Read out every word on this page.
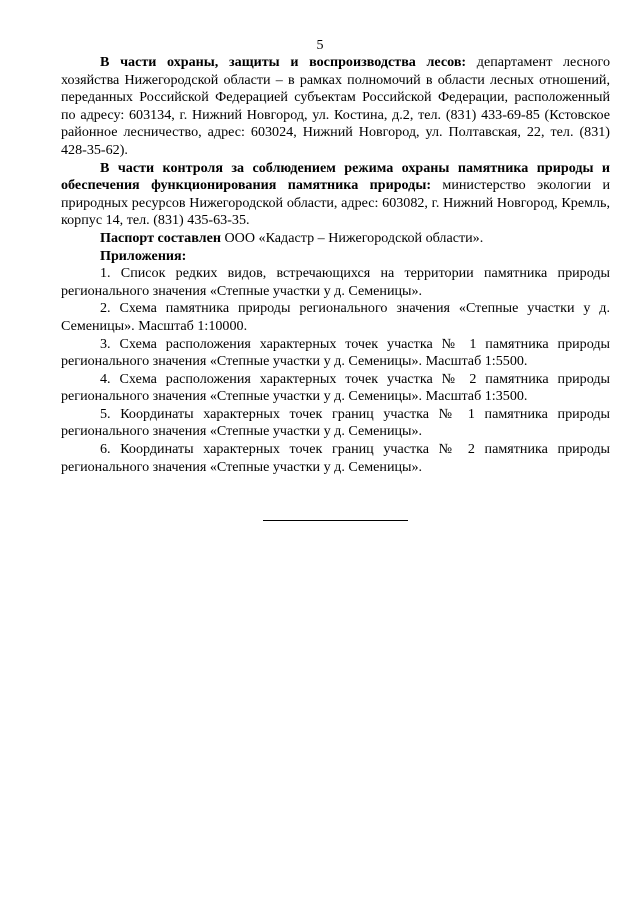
5

В части охраны, защиты и воспроизводства лесов: департамент лесного хозяйства Нижегородской области – в рамках полномочий в области лесных отношений, переданных Российской Федерацией субъектам Российской Федерации, расположенный по адресу: 603134, г. Нижний Новгород, ул. Костина, д.2, тел. (831) 433-69-85 (Кстовское районное лесничество, адрес: 603024, Нижний Новгород, ул. Полтавская, 22, тел. (831) 428-35-62).

В части контроля за соблюдением режима охраны памятника природы и обеспечения функционирования памятника природы: министерство экологии и природных ресурсов Нижегородской области, адрес: 603082, г. Нижний Новгород, Кремль, корпус 14, тел. (831) 435-63-35.

Паспорт составлен ООО «Кадастр – Нижегородской области».

Приложения:

1. Список редких видов, встречающихся на территории памятника природы регионального значения «Степные участки у д. Семеницы».

2. Схема памятника природы регионального значения «Степные участки у д. Семеницы». Масштаб 1:10000.

3. Схема расположения характерных точек участка № 1 памятника природы регионального значения «Степные участки у д. Семеницы». Масштаб 1:5500.

4. Схема расположения характерных точек участка № 2 памятника природы регионального значения «Степные участки у д. Семеницы». Масштаб 1:3500.

5. Координаты характерных точек границ участка № 1 памятника природы регионального значения «Степные участки у д. Семеницы».

6. Координаты характерных точек границ участка № 2 памятника природы регионального значения «Степные участки у д. Семеницы».
